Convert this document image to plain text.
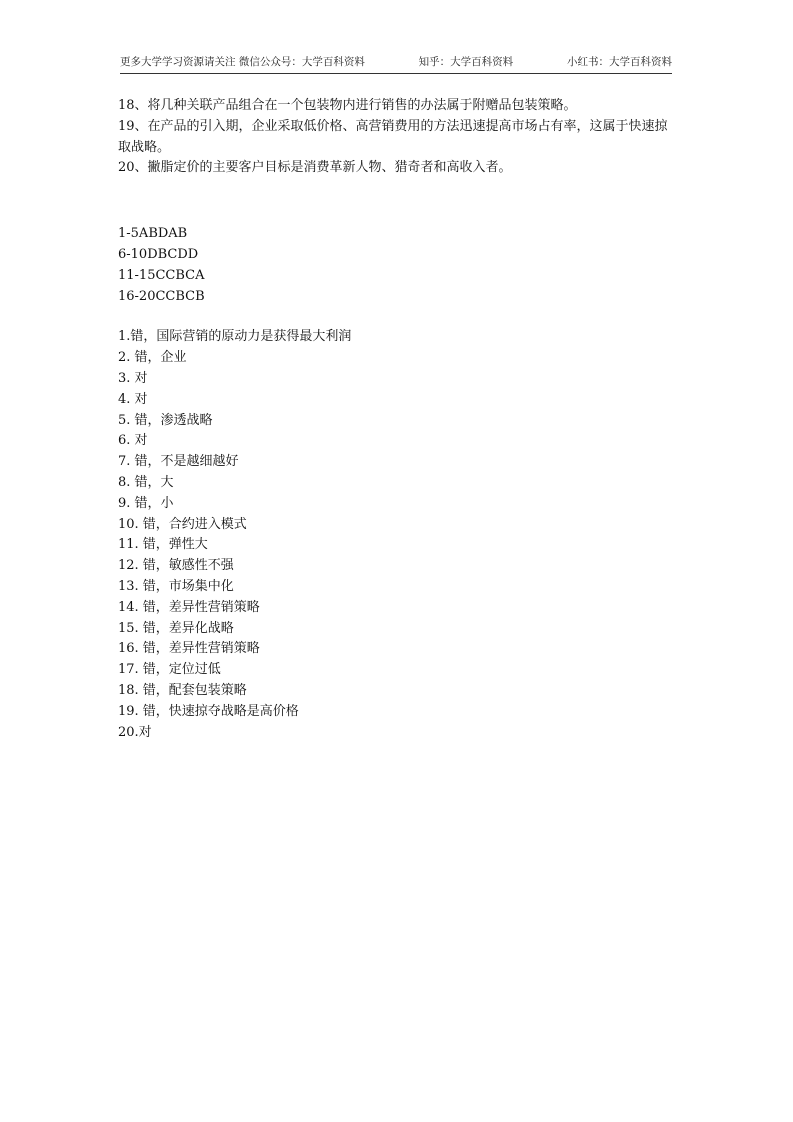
更多大学学习资源请关注 微信公众号：大学百科资料	知乎：大学百科资料	小红书：大学百科资料

18、将几种关联产品组合在一个包装物内进行销售的办法属于附赠品包装策略。

19、在产品的引入期，企业采取低价格、高营销费用的方法迅速提高市场占有率，这属于快速掠取战略。

20、撇脂定价的主要客户目标是消费革新人物、猎奇者和高收入者。

1-5ABDAB

6-10DBCDD

11-15CCBCA

16-20CCBCB

1.错，国际营销的原动力是获得最大利润

2. 错，企业

3. 对

4. 对

5. 错，渗透战略

6. 对

7. 错，不是越细越好

8. 错，大

9. 错，小

10. 错，合约进入模式

11. 错，弹性大

12. 错，敏感性不强

13. 错，市场集中化

14. 错，差异性营销策略

15. 错，差异化战略

16. 错，差异性营销策略

17. 错，定位过低

18. 错，配套包装策略

19. 错，快速掠夺战略是高价格

20.对
